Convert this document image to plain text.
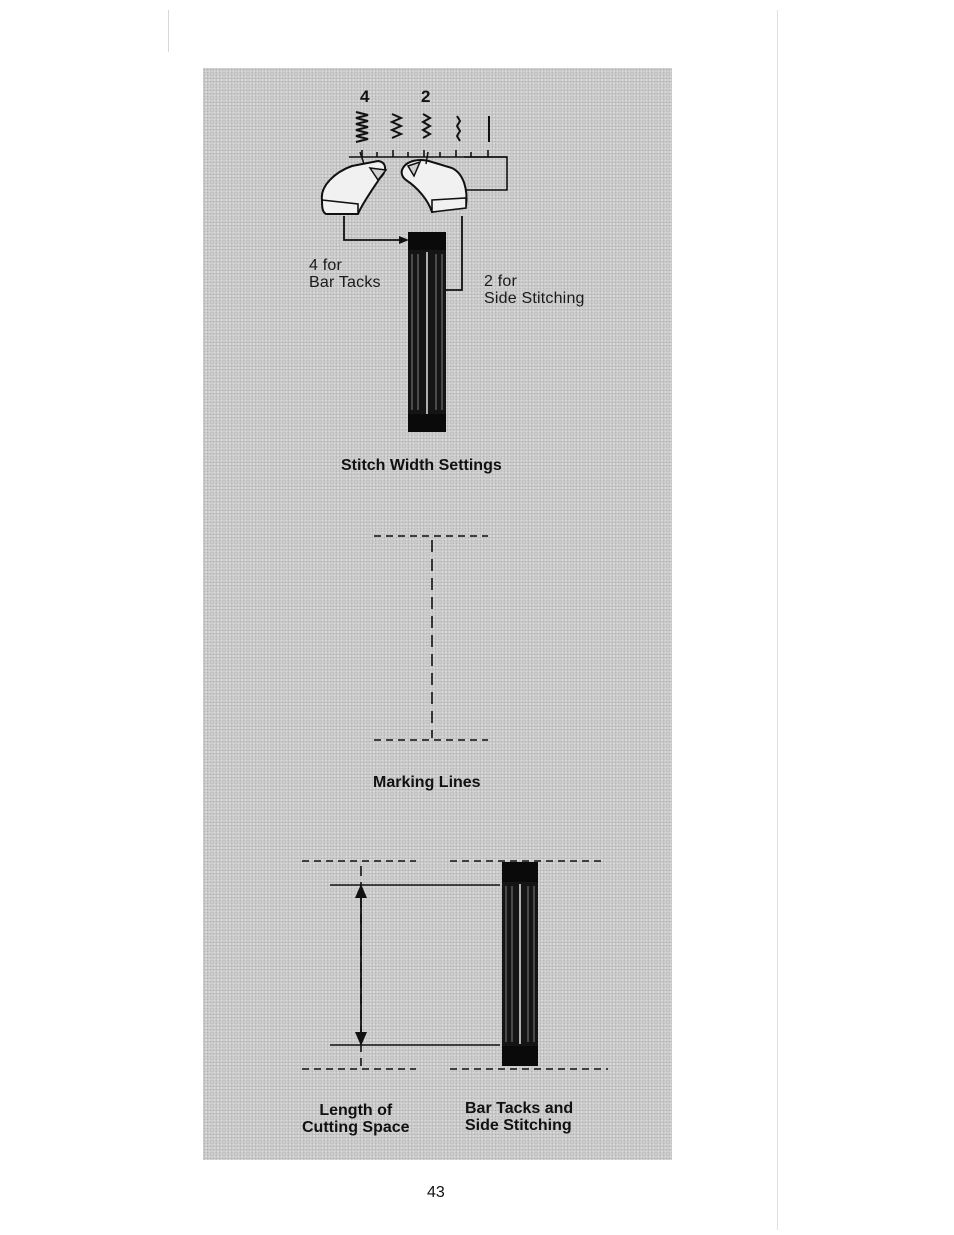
4	2
4 for
Bar Tacks	2 for
Side Stitching
Stitch Width Settings
Marking Lines
Length of
Cutting Space
Bar Tacks and
Side Stitching
43
